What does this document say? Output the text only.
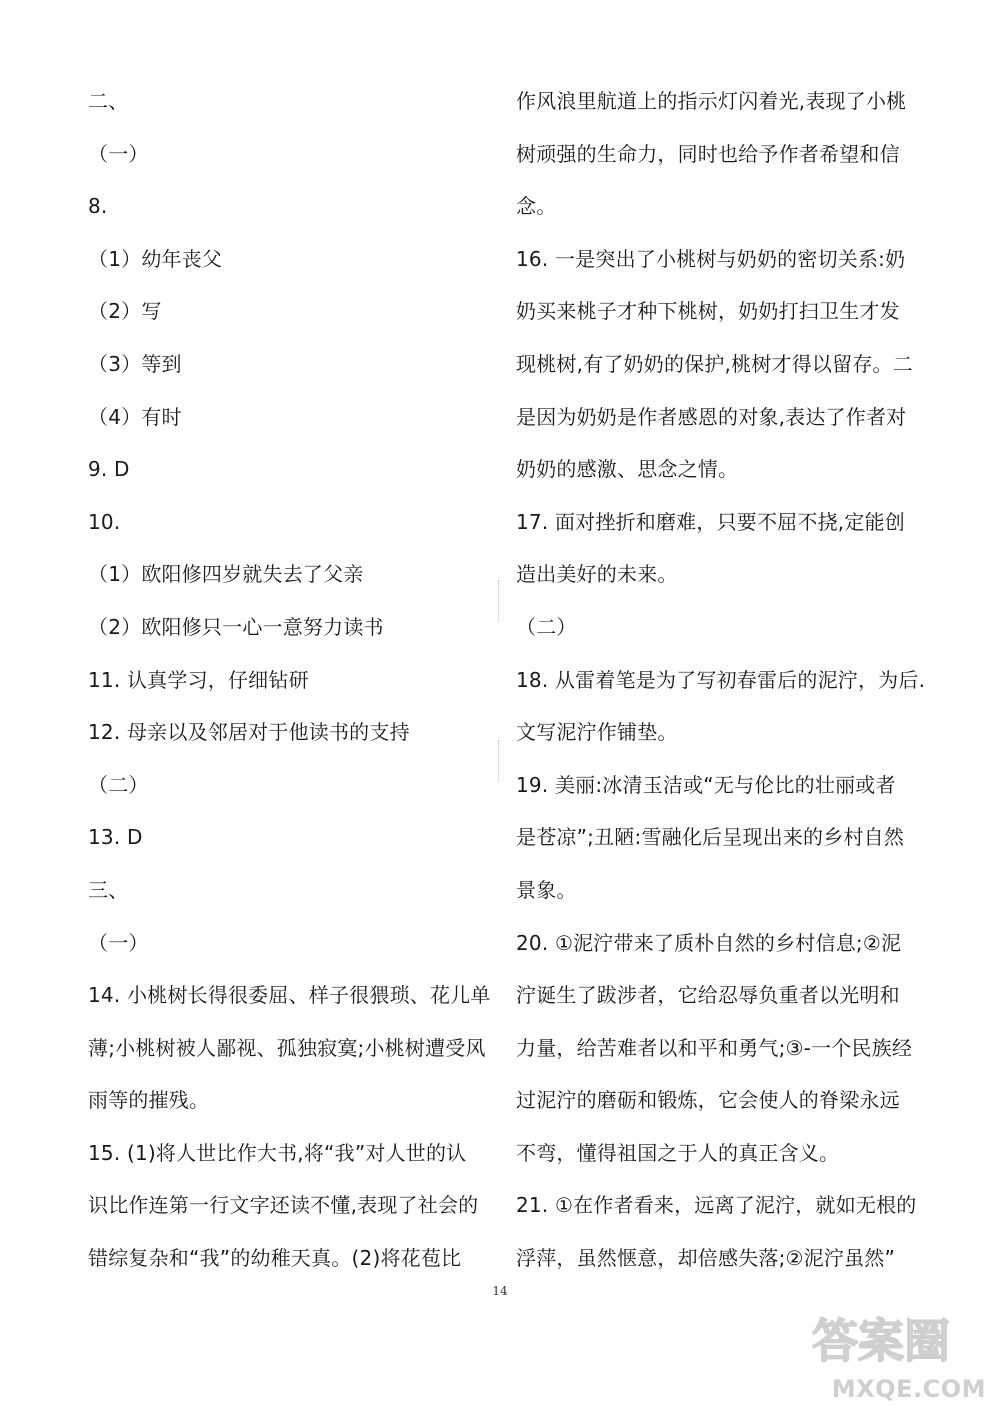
二、
（一）
8.
（1）幼年丧父
（2）写
（3）等到
（4）有时
9. D
10.
（1）欧阳修四岁就失去了父亲
（2）欧阳修只一心一意努力读书
11. 认真学习，仔细钻研
12. 母亲以及邻居对于他读书的支持
（二）
13. D
三、
（一）
14. 小桃树长得很委屈、样子很猥琐、花儿单
薄;小桃树被人鄙视、孤独寂寞;小桃树遭受风
雨等的摧残。
15. (1)将人世比作大书,将“我”对人世的认
识比作连第一行文字还读不懂,表现了社会的
错综复杂和“我”的幼稚天真。(2)将花苞比
作风浪里航道上的指示灯闪着光,表现了小桃
树顽强的生命力，同时也给予作者希望和信
念。
16. 一是突出了小桃树与奶奶的密切关系:奶
奶买来桃子才种下桃树，奶奶打扫卫生才发
现桃树,有了奶奶的保护,桃树才得以留存。二
是因为奶奶是作者感恩的对象,表达了作者对
奶奶的感激、思念之情。
17. 面对挫折和磨难，只要不屈不挠,定能创
造出美好的未来。
（二）
18. 从雷着笔是为了写初春雷后的泥泞，为后.
文写泥泞作铺垫。
19. 美丽:冰清玉洁或“无与伦比的壮丽或者
是苍凉”;丑陋:雪融化后呈现出来的乡村自然
景象。
20. ①泥泞带来了质朴自然的乡村信息;②泥
泞诞生了跋涉者，它给忍辱负重者以光明和
力量，给苦难者以和平和勇气;③-一个民族经
过泥泞的磨砺和锻炼，它会使人的脊梁永远
不弯，懂得祖国之于人的真正含义。
21. ①在作者看来，远离了泥泞，就如无根的
浮萍，虽然惬意，却倍感失落;②泥泞虽然”
14
答案圈
MXQE.COM
